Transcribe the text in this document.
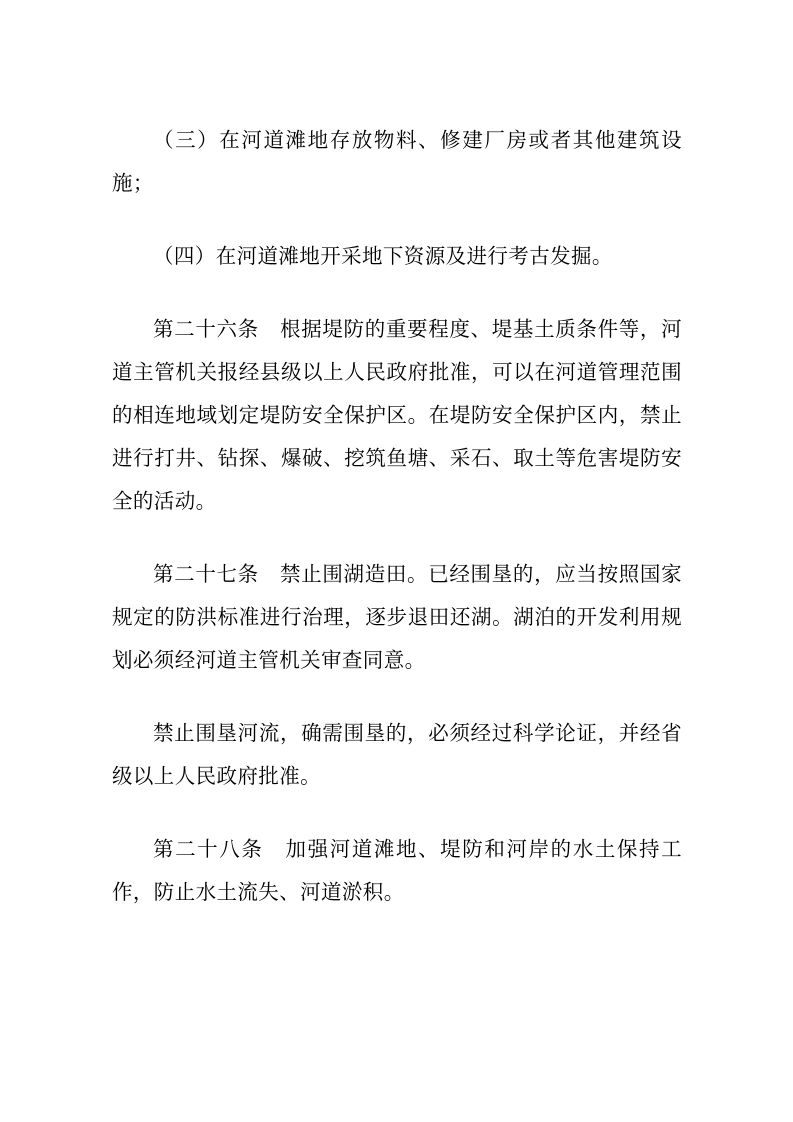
（三）在河道滩地存放物料、修建厂房或者其他建筑设施；

（四）在河道滩地开采地下资源及进行考古发掘。

第二十六条　根据堤防的重要程度、堤基土质条件等，河道主管机关报经县级以上人民政府批准，可以在河道管理范围的相连地域划定堤防安全保护区。在堤防安全保护区内，禁止进行打井、钻探、爆破、挖筑鱼塘、采石、取土等危害堤防安全的活动。

第二十七条　禁止围湖造田。已经围垦的，应当按照国家规定的防洪标准进行治理，逐步退田还湖。湖泊的开发利用规划必须经河道主管机关审查同意。

禁止围垦河流，确需围垦的，必须经过科学论证，并经省级以上人民政府批准。

第二十八条　加强河道滩地、堤防和河岸的水土保持工作，防止水土流失、河道淤积。
